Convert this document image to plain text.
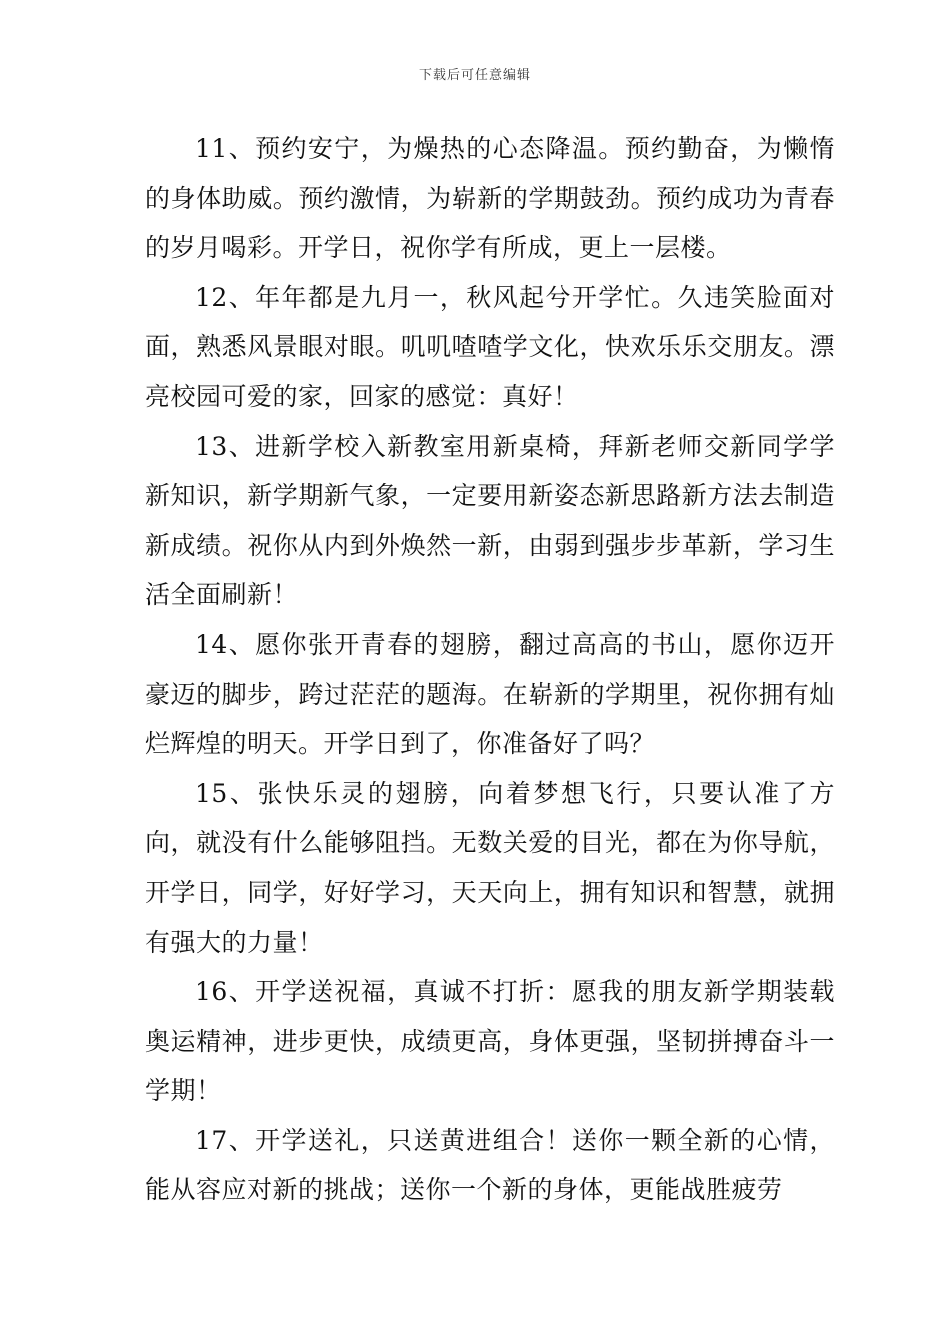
下载后可任意编辑

11、预约安宁，为燥热的心态降温。预约勤奋，为懒惰的身体助威。预约激情，为崭新的学期鼓劲。预约成功为青春的岁月喝彩。开学日，祝你学有所成，更上一层楼。

12、年年都是九月一，秋风起兮开学忙。久违笑脸面对面，熟悉风景眼对眼。叽叽喳喳学文化，快欢乐乐交朋友。漂亮校园可爱的家，回家的感觉：真好！

13、进新学校入新教室用新桌椅，拜新老师交新同学学新知识，新学期新气象，一定要用新姿态新思路新方法去制造新成绩。祝你从内到外焕然一新，由弱到强步步革新，学习生活全面刷新！

14、愿你张开青春的翅膀，翻过高高的书山，愿你迈开豪迈的脚步，跨过茫茫的题海。在崭新的学期里，祝你拥有灿烂辉煌的明天。开学日到了，你准备好了吗？

15、张快乐灵的翅膀，向着梦想飞行，只要认准了方向，就没有什么能够阻挡。无数关爱的目光，都在为你导航，开学日，同学，好好学习，天天向上，拥有知识和智慧，就拥有强大的力量！

16、开学送祝福，真诚不打折：愿我的朋友新学期装载奥运精神，进步更快，成绩更高，身体更强，坚韧拼搏奋斗一学期！

17、开学送礼，只送黄进组合！送你一颗全新的心情，能从容应对新的挑战；送你一个新的身体，更能战胜疲劳
